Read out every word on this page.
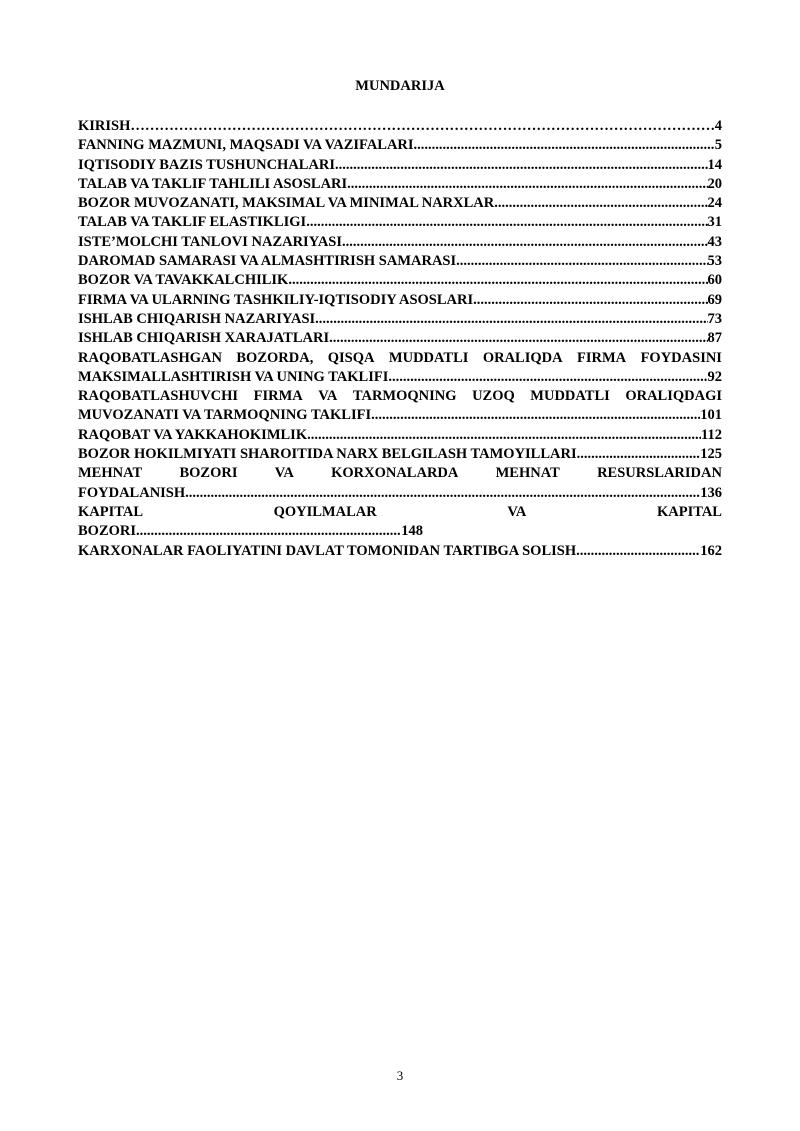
MUNDARIJA
KIRISH ……………………………………………………………………………………………………………………………………………………	4
FANNING MAZMUNI, MAQSADI VA VAZIFALARI .....	5
IQTISODIY BAZIS TUSHUNCHALARI .....	14
TALAB VA TAKLIF TAHLILI ASOSLARI .....	20
BOZOR MUVOZANATI, MAKSIMAL VA MINIMAL NARXLAR .....	24
TALAB VA TAKLIF ELASTIKLIGI .....	31
ISTE’MOLCHI TANLOVI NAZARIYASI .....	43
DAROMAD SAMARASI VA ALMASHTIRISH SAMARASI .....	53
BOZOR VA TAVAKKALCHILIK .....	60
FIRMA VA ULARNING TASHKILIY-IQTISODIY ASOSLARI .....	69
ISHLAB CHIQARISH NAZARIYASI .....	73
ISHLAB CHIQARISH XARAJATLARI .....	87
RAQOBATLASHGAN BOZORDA, QISQA MUDDATLI ORALIQDA FIRMA FOYDASINI
MAKSIMALLASHTIRISH VA UNING TAKLIFI .....	92
RAQOBATLASHUVCHI FIRMA VA TARMOQNING UZOQ MUDDATLI ORALIQDAGI
MUVOZANATI VA TARMOQNING TAKLIFI .....	101
RAQOBAT VA YAKKAHOKIMLIK .....	112
BOZOR HOKILMIYATI SHAROITIDA NARX BELGILASH TAMOYILLARI .....	125
MEHNAT	BOZORI	VA	KORXONALARDA	MEHNAT	RESURSLARIDAN
FOYDALANISH .....	136
KAPITAL	QOYILMALAR	VA	KAPITAL
BOZORI .....	148
KARXONALAR FAOLIYATINI DAVLAT TOMONIDAN TARTIBGA SOLISH .....	162
3
